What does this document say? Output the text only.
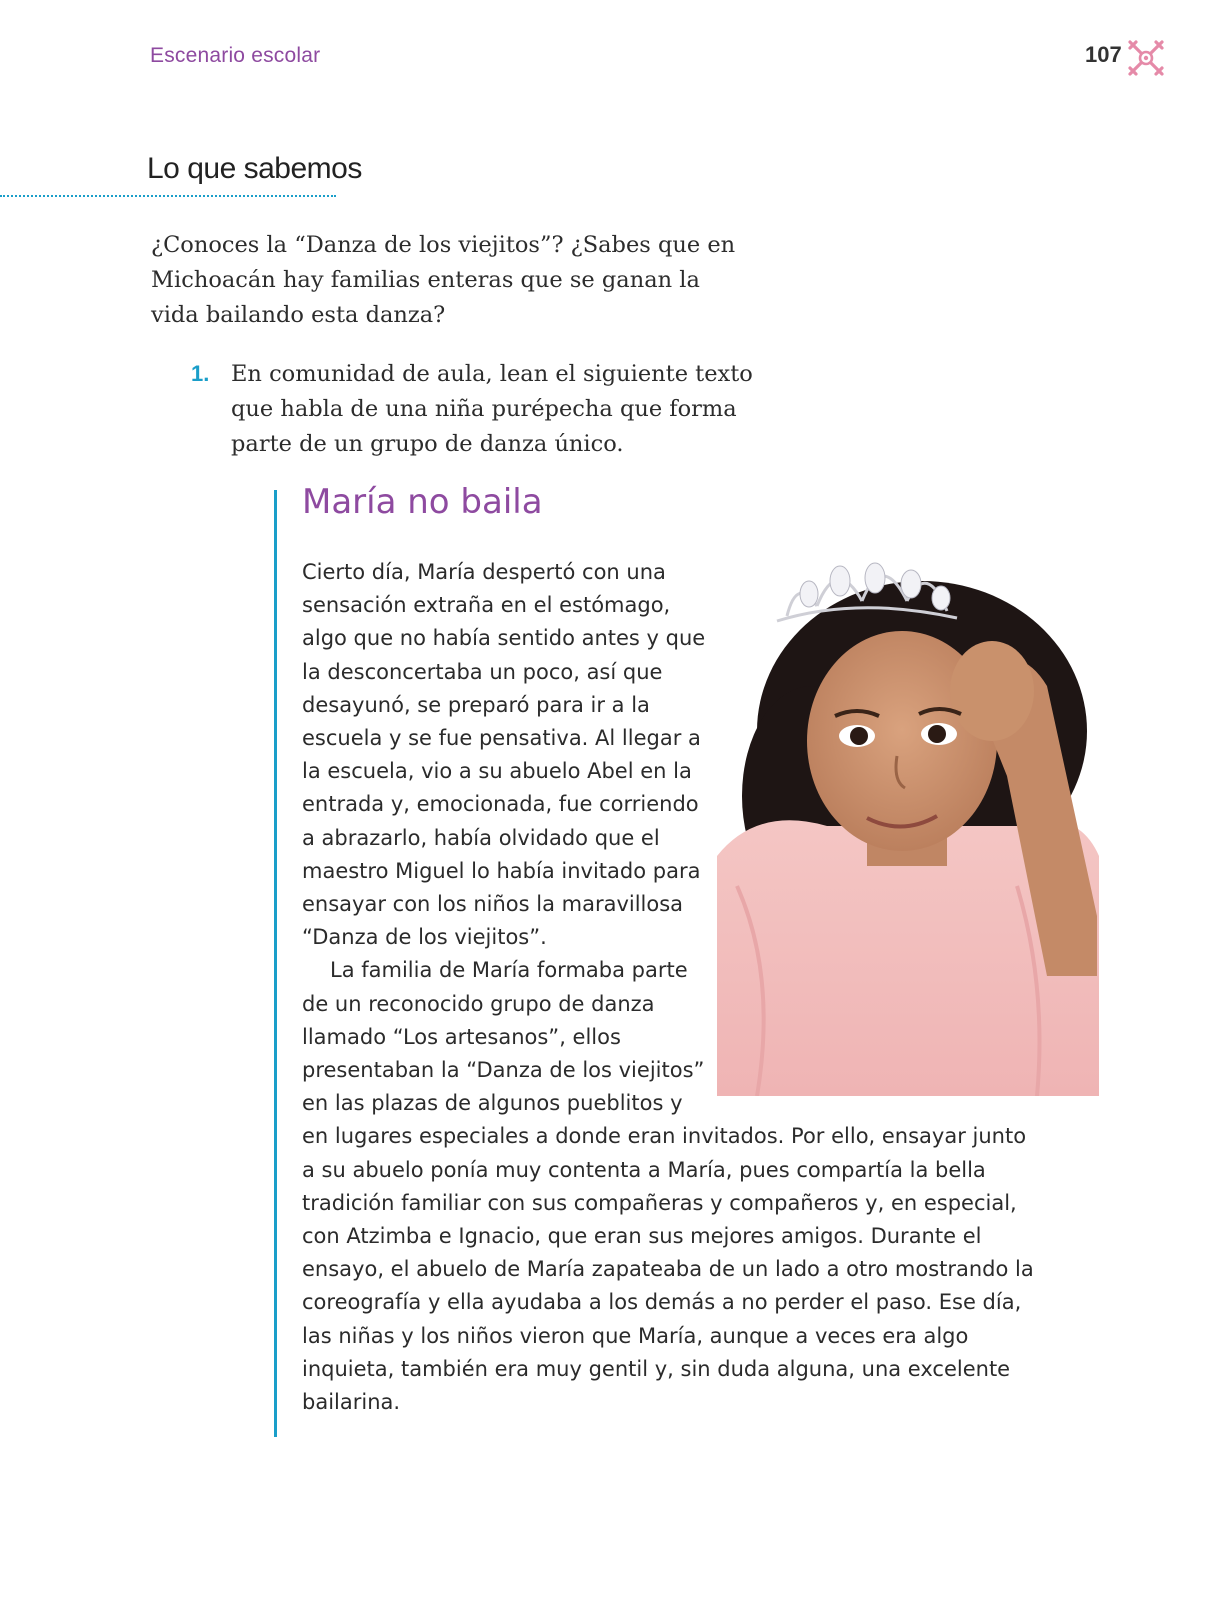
Escenario escolar	107
Lo que sabemos
¿Conoces la “Danza de los viejitos”? ¿Sabes que en Michoacán hay familias enteras que se ganan la vida bailando esta danza?
1. En comunidad de aula, lean el siguiente texto que habla de una niña purépecha que forma parte de un grupo de danza único.
María no baila

Cierto día, María despertó con una sensación extraña en el estómago, algo que no había sentido antes y que la desconcertaba un poco, así que desayunó, se preparó para ir a la escuela y se fue pensativa. Al llegar a la escuela, vio a su abuelo Abel en la entrada y, emocionada, fue corriendo a abrazarlo, había olvidado que el maestro Miguel lo había invitado para ensayar con los niños la maravillosa “Danza de los viejitos”.

La familia de María formaba parte de un reconocido grupo de danza llamado “Los artesanos”, ellos presentaban la “Danza de los viejitos” en las plazas de algunos pueblitos y en lugares especiales a donde eran invitados. Por ello, ensayar junto a su abuelo ponía muy contenta a María, pues compartía la bella tradición familiar con sus compañeras y compañeros y, en especial, con Atzimba e Ignacio, que eran sus mejores amigos. Durante el ensayo, el abuelo de María zapateaba de un lado a otro mostrando la coreografía y ella ayudaba a los demás a no perder el paso. Ese día, las niñas y los niños vieron que María, aunque a veces era algo inquieta, también era muy gentil y, sin duda alguna, una excelente bailarina.
